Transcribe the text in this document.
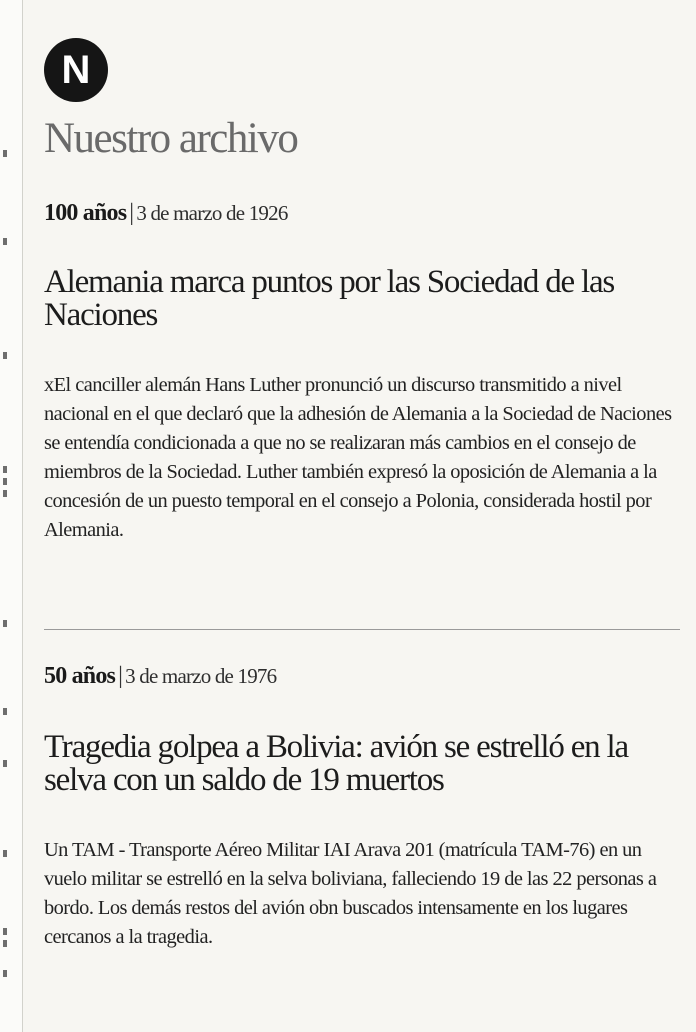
N
Nuestro archivo

100 años | 3 de marzo de 1926

Alemania marca puntos por las Sociedad de las Naciones

xEl canciller alemán Hans Luther pronunció un discurso transmitido a nivel nacional en el que declaró que la adhesión de Alemania a la Sociedad de Naciones se entendía condicionada a que no se realizaran más cambios en el consejo de miembros de la Sociedad. Luther también expresó la oposición de Alemania a la concesión de un puesto temporal en el consejo a Polonia, considerada hostil por Alemania.

50 años | 3 de marzo de 1976

Tragedia golpea a Bolivia: avión se estrelló en la selva con un saldo de 19 muertos

Un TAM - Transporte Aéreo Militar IAI Arava 201 (matrícula TAM-76) en un vuelo militar se estrelló en la selva boliviana, falleciendo 19 de las 22 personas a bordo. Los demás restos del avión obn buscados intensamente en los lugares cercanos a la tragedia.
